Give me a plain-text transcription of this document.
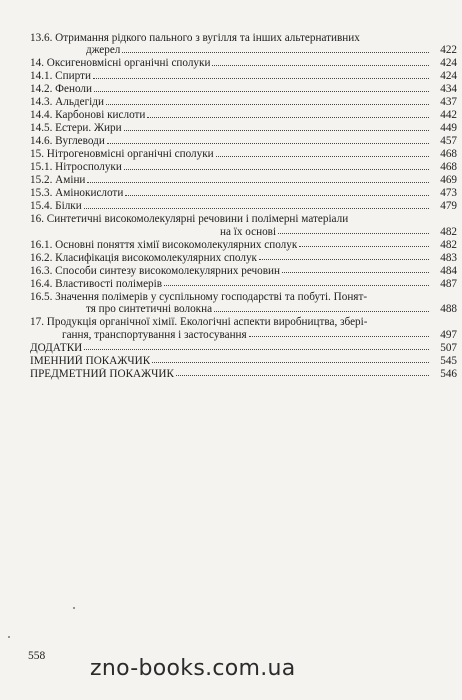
13.6. Отримання рідкого пального з вугілля та інших альтернативних
джерел	422
14. Оксигеновмісні органічні сполуки	424
14.1. Спирти	424
14.2. Феноли	434
14.3. Альдегіди	437
14.4. Карбонові кислоти	442
14.5. Естери. Жири	449
14.6. Вуглеводи	457
15. Нітрогеновмісні органічні сполуки	468
15.1. Нітросполуки	468
15.2. Аміни	469
15.3. Амінокислоти	473
15.4. Білки	479
16. Синтетичні високомолекулярні речовини і полімерні матеріали
на їх основі	482
16.1. Основні поняття хімії високомолекулярних сполук	482
16.2. Класифікація високомолекулярних сполук	483
16.3. Способи синтезу високомолекулярних речовин	484
16.4. Властивості полімерів	487
16.5. Значення полімерів у суспільному господарстві та побуті. Понят-
тя про синтетичні волокна	488
17. Продукція органічної хімії. Екологічні аспекти виробництва, збері-
гання, транспортування і застосування	497
ДОДАТКИ	507
ІМЕННИЙ ПОКАЖЧИК	545
ПРЕДМЕТНИЙ ПОКАЖЧИК	546
558 zno-books.com.ua
